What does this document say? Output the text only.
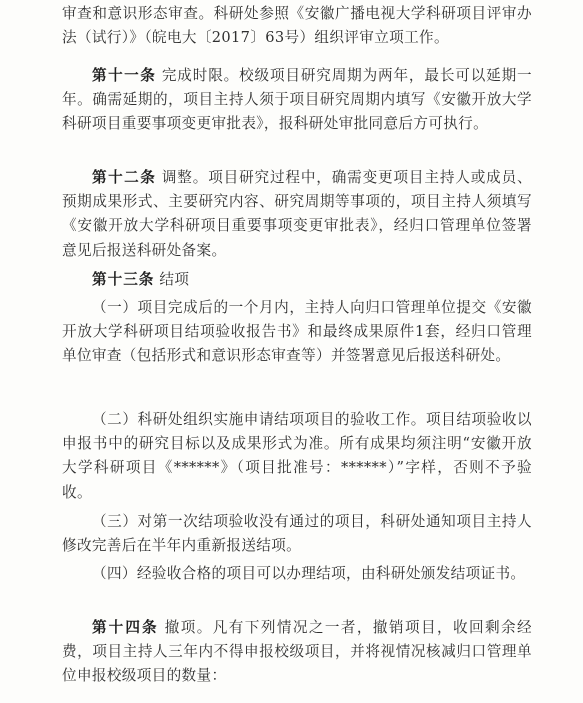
审查和意识形态审查。科研处参照《安徽广播电视大学科研项目评审办法（试行）》（皖电大〔2017〕63号）组织评审立项工作。

第十一条 完成时限。校级项目研究周期为两年，最长可以延期一年。确需延期的，项目主持人须于项目研究周期内填写《安徽开放大学科研项目重要事项变更审批表》，报科研处审批同意后方可执行。

第十二条 调整。项目研究过程中，确需变更项目主持人或成员、预期成果形式、主要研究内容、研究周期等事项的，项目主持人须填写《安徽开放大学科研项目重要事项变更审批表》，经归口管理单位签署意见后报送科研处备案。

第十三条 结项

（一）项目完成后的一个月内，主持人向归口管理单位提交《安徽开放大学科研项目结项验收报告书》和最终成果原件1套，经归口管理单位审查（包括形式和意识形态审查等）并签署意见后报送科研处。

（二）科研处组织实施申请结项项目的验收工作。项目结项验收以申报书中的研究目标以及成果形式为准。所有成果均须注明“安徽开放大学科研项目《******》（项目批准号：******）”字样，否则不予验收。

（三）对第一次结项验收没有通过的项目，科研处通知项目主持人修改完善后在半年内重新报送结项。

（四）经验收合格的项目可以办理结项，由科研处颁发结项证书。

第十四条 撤项。凡有下列情况之一者，撤销项目，收回剩余经费，项目主持人三年内不得申报校级项目，并将视情况核减归口管理单位申报校级项目的数量：
